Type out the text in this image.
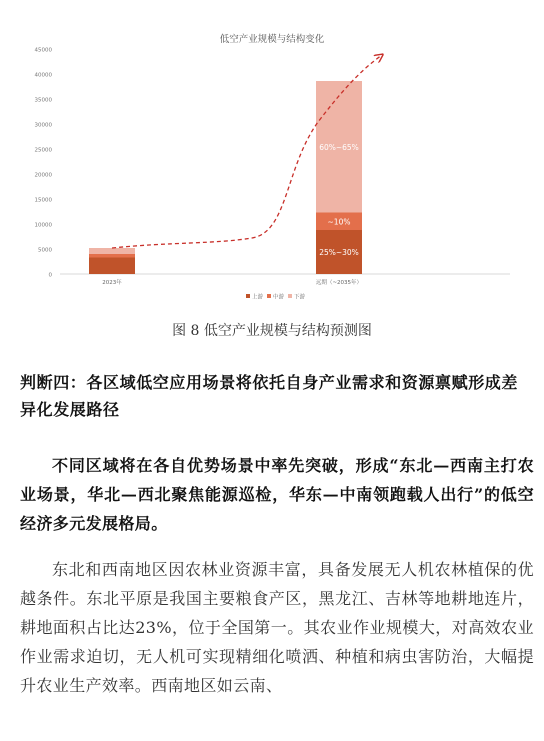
低空产业规模与结构变化
0
5000
10000
15000
20000
25000
30000
35000
40000
45000
25%~30%
~10%
60%~65%
2023年	远期（~2035年）
上游 中游 下游
图 8 低空产业规模与结构预测图
判断四：各区域低空应用场景将依托自身产业需求和资源禀赋形成差异化发展路径
不同区域将在各自优势场景中率先突破，形成“东北—西南主打农业场景，华北—西北聚焦能源巡检，华东—中南领跑载人出行”的低空经济多元发展格局。
东北和西南地区因农林业资源丰富，具备发展无人机农林植保的优越条件。东北平原是我国主要粮食产区，黑龙江、吉林等地耕地连片，耕地面积占比达23%，位于全国第一。其农业作业规模大，对高效农业作业需求迫切，无人机可实现精细化喷洒、种植和病虫害防治，大幅提升农业生产效率。西南地区如云南、
